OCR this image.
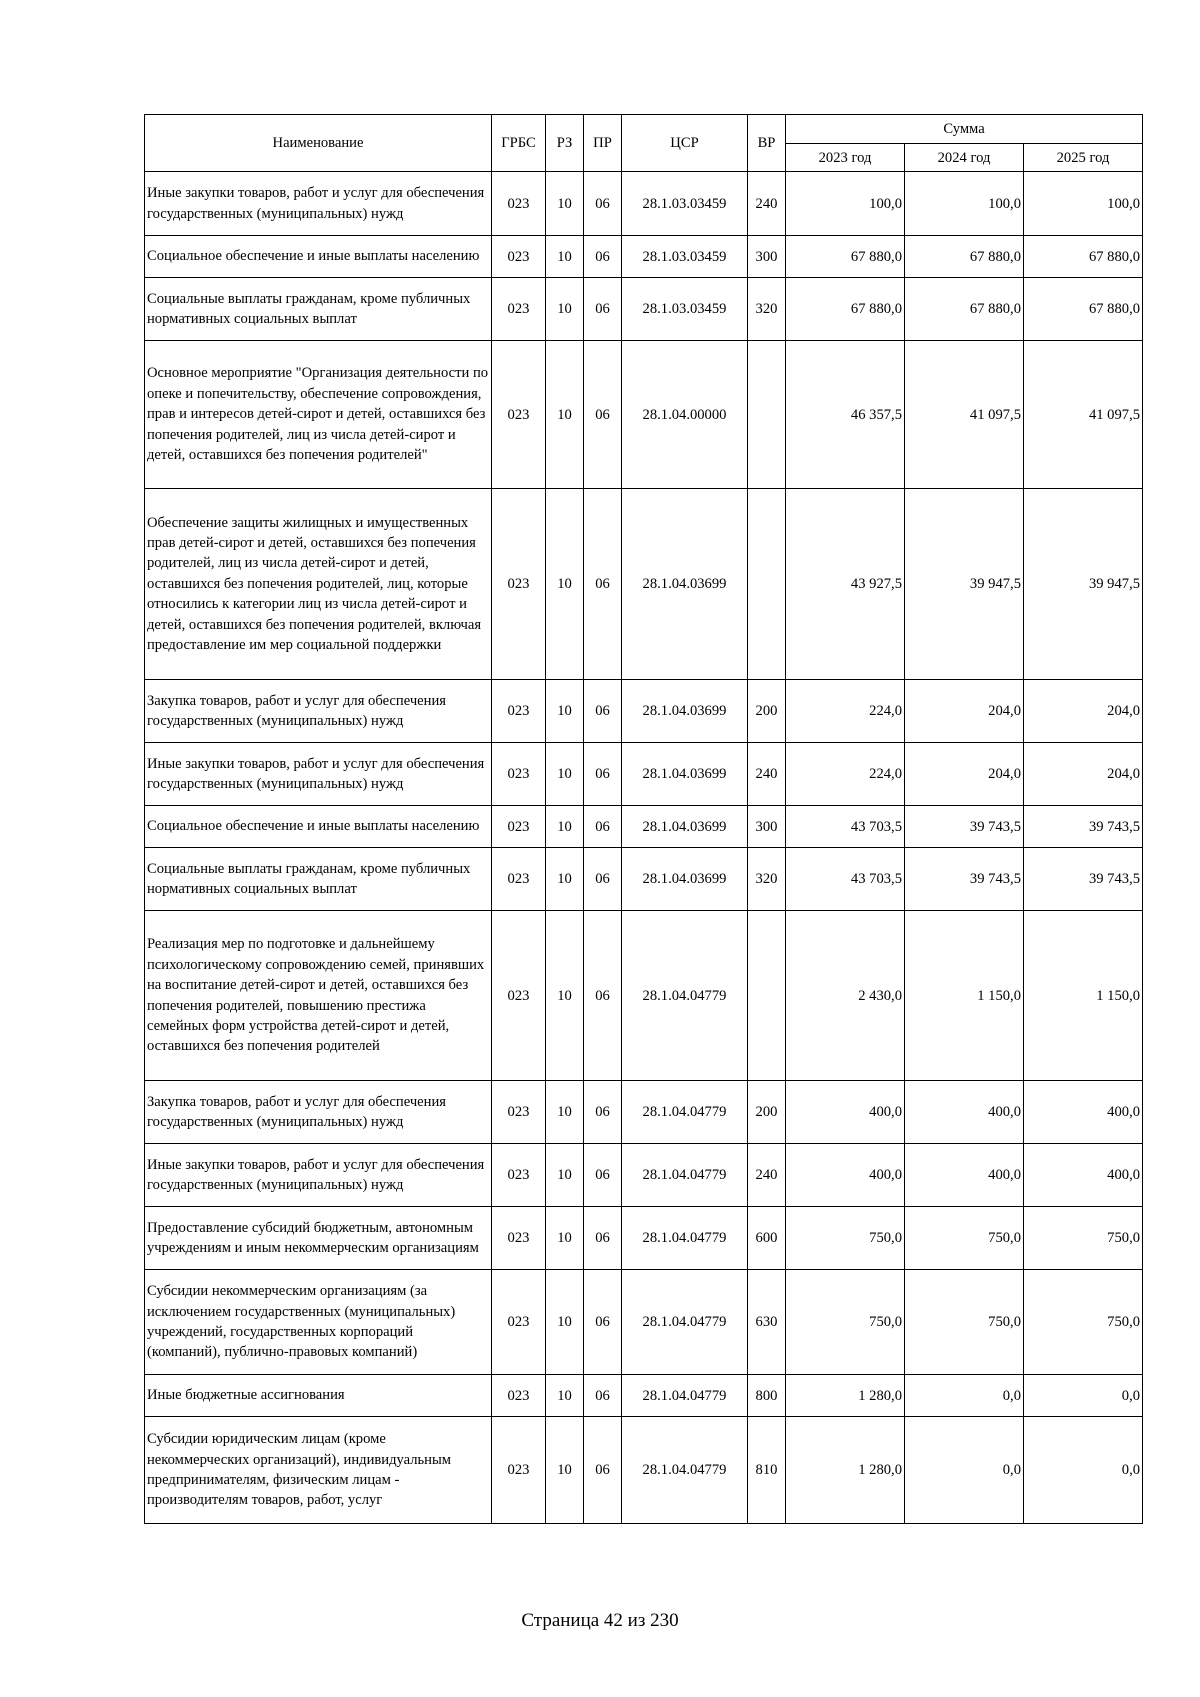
Наименование	ГРБС	РЗ	ПР	ЦСР	ВР	Сумма		
						2023 год	2024 год	2025 год
Иные закупки товаров, работ и услуг для обеспечения государственных (муниципальных) нужд	023	10	06	28.1.03.03459	240	100,0	100,0	100,0
Социальное обеспечение и иные выплаты населению	023	10	06	28.1.03.03459	300	67 880,0	67 880,0	67 880,0
Социальные выплаты гражданам, кроме публичных нормативных социальных выплат	023	10	06	28.1.03.03459	320	67 880,0	67 880,0	67 880,0
Основное мероприятие "Организация деятельности по опеке и попечительству, обеспечение сопровождения, прав и интересов детей-сирот и детей, оставшихся без попечения родителей, лиц из числа детей-сирот и детей, оставшихся без попечения родителей"	023	10	06	28.1.04.00000		46 357,5	41 097,5	41 097,5
Обеспечение защиты жилищных и имущественных прав детей-сирот и детей, оставшихся без попечения родителей, лиц из числа детей-сирот и детей, оставшихся без попечения родителей, лиц, которые относились к категории лиц из числа детей-сирот и детей, оставшихся без попечения родителей, включая предоставление им мер социальной поддержки	023	10	06	28.1.04.03699		43 927,5	39 947,5	39 947,5
Закупка товаров, работ и услуг для обеспечения государственных (муниципальных) нужд	023	10	06	28.1.04.03699	200	224,0	204,0	204,0
Иные закупки товаров, работ и услуг для обеспечения государственных (муниципальных) нужд	023	10	06	28.1.04.03699	240	224,0	204,0	204,0
Социальное обеспечение и иные выплаты населению	023	10	06	28.1.04.03699	300	43 703,5	39 743,5	39 743,5
Социальные выплаты гражданам, кроме публичных нормативных социальных выплат	023	10	06	28.1.04.03699	320	43 703,5	39 743,5	39 743,5
Реализация мер по подготовке и дальнейшему психологическому сопровождению семей, принявших на воспитание детей-сирот и детей, оставшихся без попечения родителей, повышению престижа семейных форм устройства детей-сирот и детей, оставшихся без попечения родителей	023	10	06	28.1.04.04779		2 430,0	1 150,0	1 150,0
Закупка товаров, работ и услуг для обеспечения государственных (муниципальных) нужд	023	10	06	28.1.04.04779	200	400,0	400,0	400,0
Иные закупки товаров, работ и услуг для обеспечения государственных (муниципальных) нужд	023	10	06	28.1.04.04779	240	400,0	400,0	400,0
Предоставление субсидий бюджетным, автономным учреждениям и иным некоммерческим организациям	023	10	06	28.1.04.04779	600	750,0	750,0	750,0
Субсидии некоммерческим организациям (за исключением государственных (муниципальных) учреждений, государственных корпораций (компаний), публично-правовых компаний)	023	10	06	28.1.04.04779	630	750,0	750,0	750,0
Иные бюджетные ассигнования	023	10	06	28.1.04.04779	800	1 280,0	0,0	0,0
Субсидии юридическим лицам (кроме некоммерческих организаций), индивидуальным предпринимателям, физическим лицам - производителям товаров, работ, услуг	023	10	06	28.1.04.04779	810	1 280,0	0,0	0,0
Страница 42 из 230
